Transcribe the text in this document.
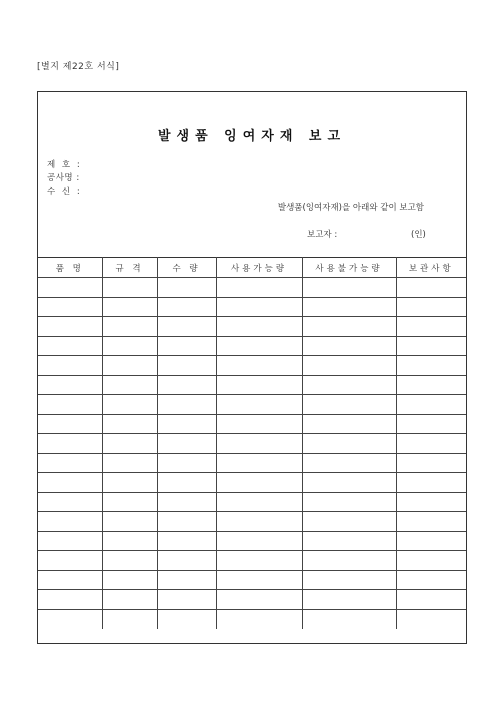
[별지 제22호 서식]
발생품 잉여자재 보고
제 호 :
공사명 :
수 신 :
발생품(잉여자재)을 아래와 같이 보고함
보고자 :	(인)
품 명	규 격	수 량	사용가능량	사용불가능량	보관사항
